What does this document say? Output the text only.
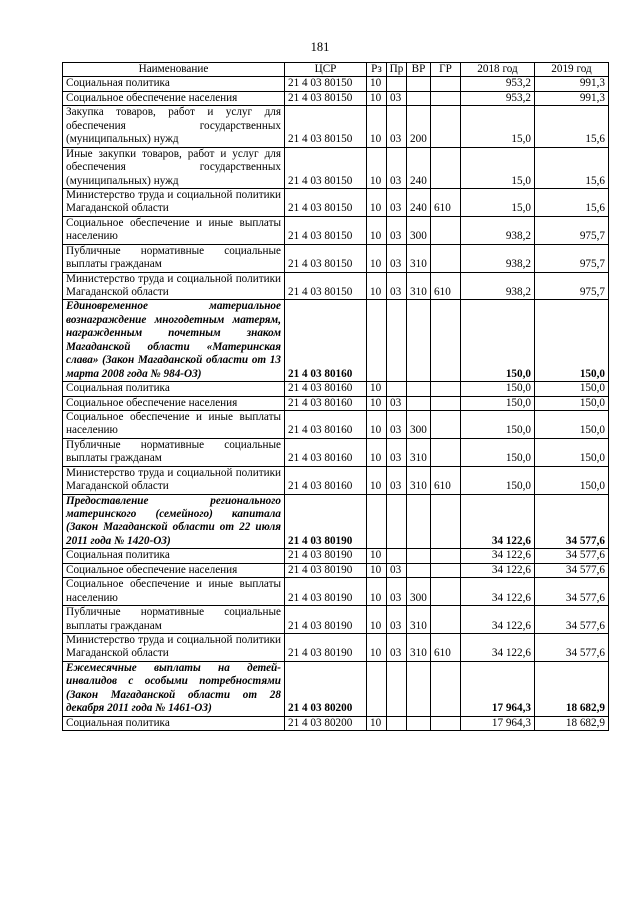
181
Наименование	ЦСР	Рз	Пр	ВР	ГР	2018 год	2019 год
Социальная политика	21 4 03 80150	10				953,2	991,3
Социальное обеспечение населения	21 4 03 80150	10	03			953,2	991,3
Закупка товаров, работ и услуг для обеспечения государственных (муниципальных) нужд	21 4 03 80150	10	03	200		15,0	15,6
Иные закупки товаров, работ и услуг для обеспечения государственных (муниципальных) нужд	21 4 03 80150	10	03	240		15,0	15,6
Министерство труда и социальной политики Магаданской области	21 4 03 80150	10	03	240	610	15,0	15,6
Социальное обеспечение и иные выплаты населению	21 4 03 80150	10	03	300		938,2	975,7
Публичные нормативные социальные выплаты гражданам	21 4 03 80150	10	03	310		938,2	975,7
Министерство труда и социальной политики Магаданской области	21 4 03 80150	10	03	310	610	938,2	975,7
Единовременное материальное вознаграждение многодетным матерям, награжденным почетным знаком Магаданской области «Материнская слава» (Закон Магаданской области от 13 марта 2008 года № 984-ОЗ)	21 4 03 80160					150,0	150,0
Социальная политика	21 4 03 80160	10				150,0	150,0
Социальное обеспечение населения	21 4 03 80160	10	03			150,0	150,0
Социальное обеспечение и иные выплаты населению	21 4 03 80160	10	03	300		150,0	150,0
Публичные нормативные социальные выплаты гражданам	21 4 03 80160	10	03	310		150,0	150,0
Министерство труда и социальной политики Магаданской области	21 4 03 80160	10	03	310	610	150,0	150,0
Предоставление регионального материнского (семейного) капитала (Закон Магаданской области от 22 июля 2011 года № 1420-ОЗ)	21 4 03 80190					34 122,6	34 577,6
Социальная политика	21 4 03 80190	10				34 122,6	34 577,6
Социальное обеспечение населения	21 4 03 80190	10	03			34 122,6	34 577,6
Социальное обеспечение и иные выплаты населению	21 4 03 80190	10	03	300		34 122,6	34 577,6
Публичные нормативные социальные выплаты гражданам	21 4 03 80190	10	03	310		34 122,6	34 577,6
Министерство труда и социальной политики Магаданской области	21 4 03 80190	10	03	310	610	34 122,6	34 577,6
Ежемесячные выплаты на детей-инвалидов с особыми потребностями (Закон Магаданской области от 28 декабря 2011 года № 1461-ОЗ)	21 4 03 80200					17 964,3	18 682,9
Социальная политика	21 4 03 80200	10				17 964,3	18 682,9
